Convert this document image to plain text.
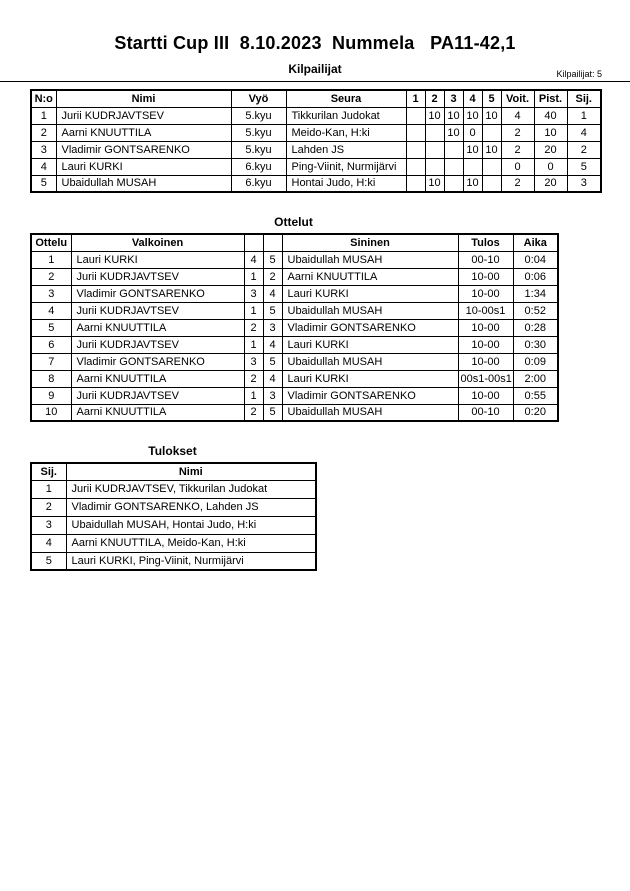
Startti Cup III  8.10.2023  Nummela   PA11-42,1
Kilpailijat	Kilpailijat: 5
N:o	Nimi	Vyö	Seura	1	2	3	4	5	Voit.	Pist.	Sij.
1	Jurii KUDRJAVTSEV	5.kyu	Tikkurilan Judokat		10	10	10	10	4	40	1
2	Aarni KNUUTTILA	5.kyu	Meido-Kan, H:ki			10	0		2	10	4
3	Vladimir GONTSARENKO	5.kyu	Lahden JS				10	10	2	20	2
4	Lauri KURKI	6.kyu	Ping-Viinit, Nurmijärvi						0	0	5
5	Ubaidullah MUSAH	6.kyu	Hontai Judo, H:ki		10		10		2	20	3
Ottelut
Ottelu	Valkoinen			Sininen	Tulos	Aika
1	Lauri KURKI	4	5	Ubaidullah MUSAH	00-10	0:04
2	Jurii KUDRJAVTSEV	1	2	Aarni KNUUTTILA	10-00	0:06
3	Vladimir GONTSARENKO	3	4	Lauri KURKI	10-00	1:34
4	Jurii KUDRJAVTSEV	1	5	Ubaidullah MUSAH	10-00s1	0:52
5	Aarni KNUUTTILA	2	3	Vladimir GONTSARENKO	10-00	0:28
6	Jurii KUDRJAVTSEV	1	4	Lauri KURKI	10-00	0:30
7	Vladimir GONTSARENKO	3	5	Ubaidullah MUSAH	10-00	0:09
8	Aarni KNUUTTILA	2	4	Lauri KURKI	00s1-00s1	2:00
9	Jurii KUDRJAVTSEV	1	3	Vladimir GONTSARENKO	10-00	0:55
10	Aarni KNUUTTILA	2	5	Ubaidullah MUSAH	00-10	0:20
Tulokset
Sij.	Nimi
1	Jurii KUDRJAVTSEV, Tikkurilan Judokat
2	Vladimir GONTSARENKO, Lahden JS
3	Ubaidullah MUSAH, Hontai Judo, H:ki
4	Aarni KNUUTTILA, Meido-Kan, H:ki
5	Lauri KURKI, Ping-Viinit, Nurmijärvi
